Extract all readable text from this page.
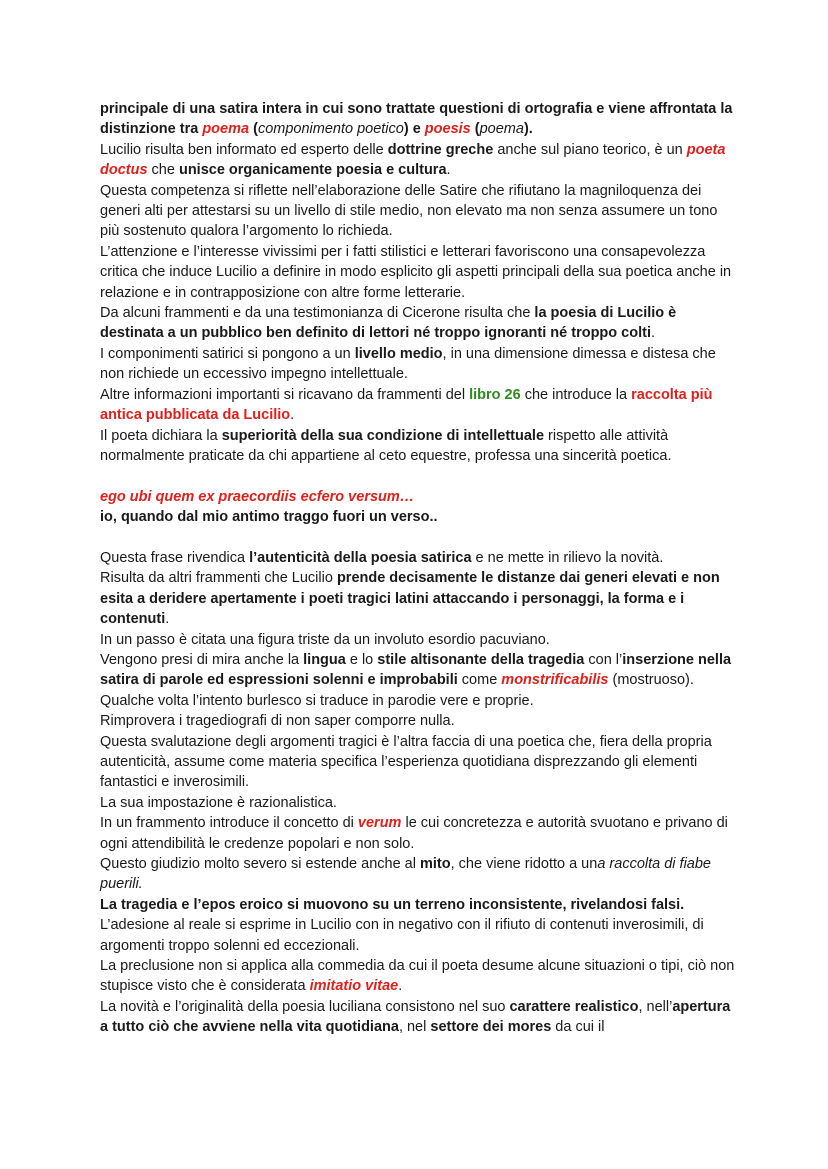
principale di una satira intera in cui sono trattate questioni di ortografia e viene affrontata la distinzione tra poema (componimento poetico) e poesis (poema).

Lucilio risulta ben informato ed esperto delle dottrine greche anche sul piano teorico, è un poeta doctus che unisce organicamente poesia e cultura.

Questa competenza si riflette nell’elaborazione delle Satire che rifiutano la magniloquenza dei generi alti per attestarsi su un livello di stile medio, non elevato ma non senza assumere un tono più sostenuto qualora l’argomento lo richieda.

L’attenzione e l’interesse vivissimi per i fatti stilistici e letterari favoriscono una consapevolezza critica che induce Lucilio a definire in modo esplicito gli aspetti principali della sua poetica anche in relazione e in contrapposizione con altre forme letterarie.

Da alcuni frammenti e da una testimonianza di Cicerone risulta che la poesia di Lucilio è destinata a un pubblico ben definito di lettori né troppo ignoranti né troppo colti.

I componimenti satirici si pongono a un livello medio, in una dimensione dimessa e distesa che non richiede un eccessivo impegno intellettuale.

Altre informazioni importanti si ricavano da frammenti del libro 26 che introduce la raccolta più antica pubblicata da Lucilio.

Il poeta dichiara la superiorità della sua condizione di intellettuale rispetto alle attività normalmente praticate da chi appartiene al ceto equestre, professa una sincerità poetica.

ego ubi quem ex praecordiis ecfero versum…

io, quando dal mio antimo traggo fuori un verso..

Questa frase rivendica l’autenticità della poesia satirica e ne mette in rilievo la novità.

Risulta da altri frammenti che Lucilio prende decisamente le distanze dai generi elevati e non esita a deridere apertamente i poeti tragici latini attaccando i personaggi, la forma e i contenuti.

In un passo è citata una figura triste da un involuto esordio pacuviano.

Vengono presi di mira anche la lingua e lo stile altisonante della tragedia con l’inserzione nella satira di parole ed espressioni solenni e improbabili come monstrificabilis (mostruoso).

Qualche volta l’intento burlesco si traduce in parodie vere e proprie.

Rimprovera i tragediografi di non saper comporre nulla.

Questa svalutazione degli argomenti tragici è l’altra faccia di una poetica che, fiera della propria autenticità, assume come materia specifica l’esperienza quotidiana disprezzando gli elementi fantastici e inverosimili.

La sua impostazione è razionalistica.

In un frammento introduce il concetto di verum le cui concretezza e autorità svuotano e privano di ogni attendibilità le credenze popolari e non solo.

Questo giudizio molto severo si estende anche al mito, che viene ridotto a una raccolta di fiabe puerili.

La tragedia e l’epos eroico si muovono su un terreno inconsistente, rivelandosi falsi.

L’adesione al reale si esprime in Lucilio con in negativo con il rifiuto di contenuti inverosimili, di argomenti troppo solenni ed eccezionali.

La preclusione non si applica alla commedia da cui il poeta desume alcune situazioni o tipi, ciò non stupisce visto che è considerata imitatio vitae.

La novità e l’originalità della poesia luciliana consistono nel suo carattere realistico, nell’apertura a tutto ciò che avviene nella vita quotidiana, nel settore dei mores da cui il
